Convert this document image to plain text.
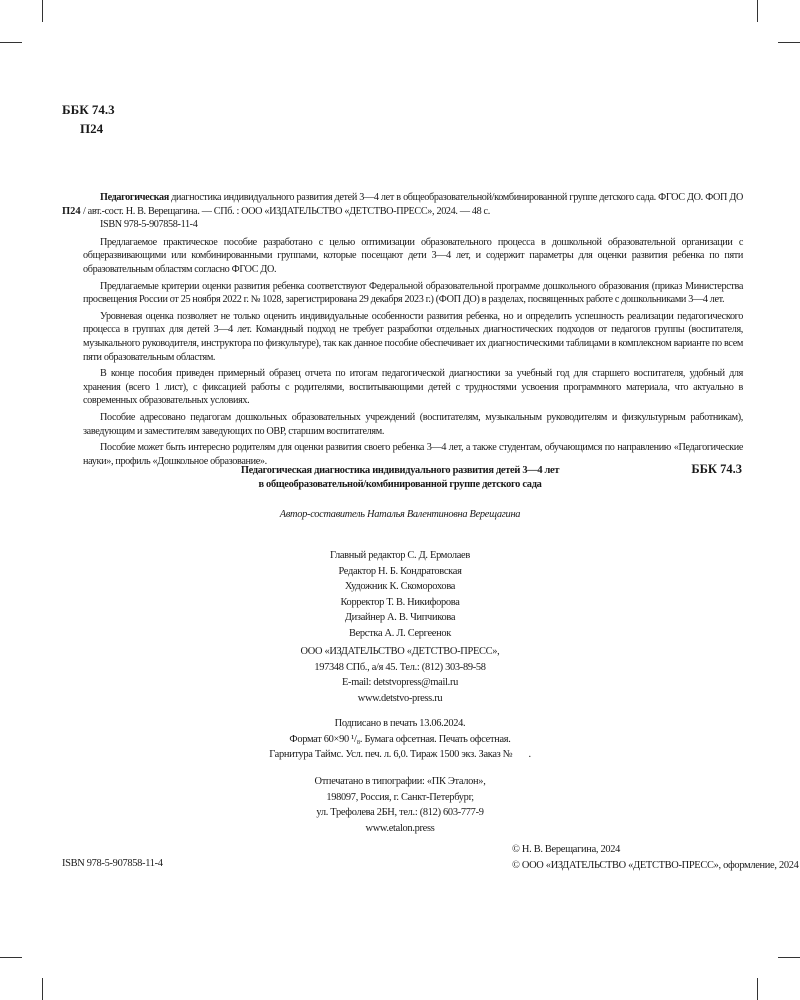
ББК 74.3
П24
П24

Педагогическая диагностика индивидуального развития детей 3—4 лет в общеобразовательной/комбинированной группе детского сада. ФГОС ДО. ФОП ДО / авт.-сост. Н. В. Верещагина. — СПб. : ООО «ИЗДАТЕЛЬСТВО «ДЕТСТВО-ПРЕСС», 2024. — 48 с.

ISBN 978-5-907858-11-4

Предлагаемое практическое пособие разработано с целью оптимизации образовательного процесса в дошкольной образовательной организации с общеразвивающими или комбинированными группами, которые посещают дети 3—4 лет, и содержит параметры для оценки развития ребенка по пяти образовательным областям согласно ФГОС ДО.

Предлагаемые критерии оценки развития ребенка соответствуют Федеральной образовательной программе дошкольного образования (приказ Министерства просвещения России от 25 ноября 2022 г. № 1028, зарегистрирована 29 декабря 2023 г.) (ФОП ДО) в разделах, посвященных работе с дошкольниками 3—4 лет.

Уровневая оценка позволяет не только оценить индивидуальные особенности развития ребенка, но и определить успешность реализации педагогического процесса в группах для детей 3—4 лет. Командный подход не требует разработки отдельных диагностических подходов от педагогов группы (воспитателя, музыкального руководителя, инструктора по физкультуре), так как данное пособие обеспечивает их диагностическими таблицами в комплексном варианте по всем пяти образовательным областям.

В конце пособия приведен примерный образец отчета по итогам педагогической диагностики за учебный год для старшего воспитателя, удобный для хранения (всего 1 лист), с фиксацией работы с родителями, воспитывающими детей с трудностями усвоения программного материала, что актуально в современных образовательных условиях.

Пособие адресовано педагогам дошкольных образовательных учреждений (воспитателям, музыкальным руководителям и физкультурным работникам), заведующим и заместителям заведующих по ОВР, старшим воспитателям.

Пособие может быть интересно родителям для оценки развития своего ребенка 3—4 лет, а также студентам, обучающимся по направлению «Педагогические науки», профиль «Дошкольное образование».

ББК 74.3
Педагогическая диагностика индивидуального развития детей 3—4 лет
в общеобразовательной/комбинированной группе детского сада
Автор-составитель Наталья Валентиновна Верещагина
Главный редактор С. Д. Ермолаев
Редактор Н. Б. Кондратовская
Художник К. Скоморохова
Корректор Т. В. Никифорова
Дизайнер А. В. Чипчикова
Верстка А. Л. Сергеенок
ООО «ИЗДАТЕЛЬСТВО «ДЕТСТВО-ПРЕСС»,
197348 СПб., а/я 45. Тел.: (812) 303-89-58
E-mail: detstvopress@mail.ru
www.detstvo-press.ru
Подписано в печать 13.06.2024.
Формат 60×90 ¹/₈. Бумага офсетная. Печать офсетная.
Гарнитура Таймс. Усл. печ. л. 6,0. Тираж 1500 экз. Заказ №       .
Отпечатано в типографии: «ПК Эталон»,
198097, Россия, г. Санкт-Петербург,
ул. Трефолева 2БН, тел.: (812) 603-777-9
www.etalon.press
© Н. В. Верещагина, 2024
© ООО «ИЗДАТЕЛЬСТВО «ДЕТСТВО-ПРЕСС», оформление, 2024
ISBN 978-5-907858-11-4
